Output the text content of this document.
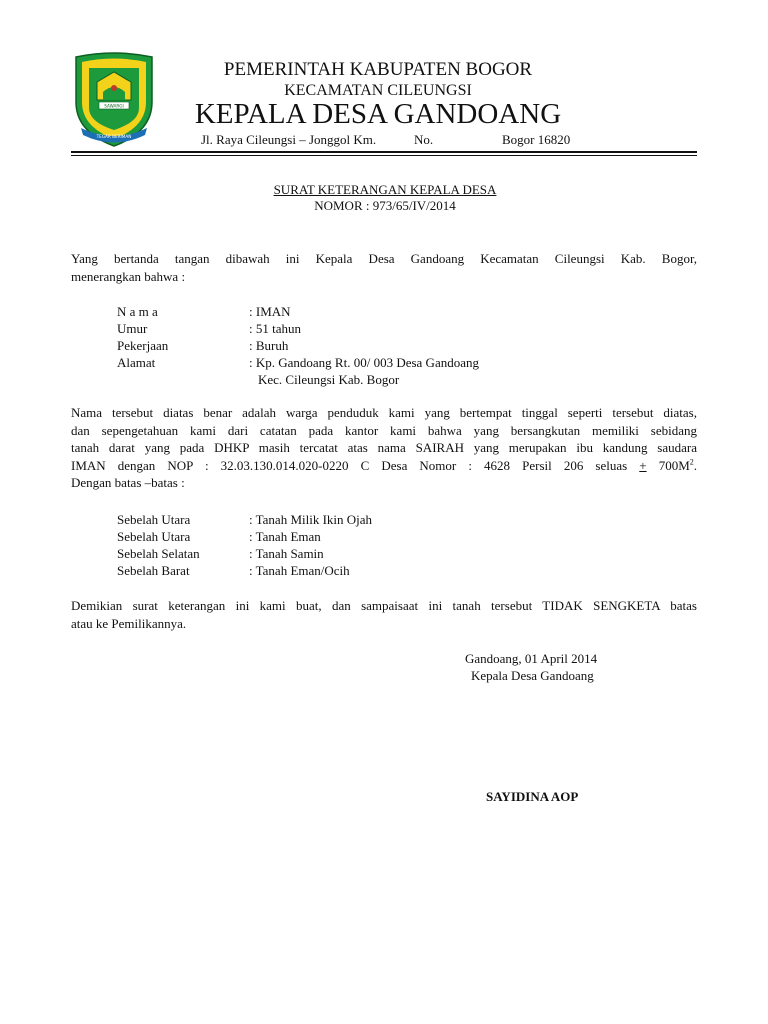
SAWARGI
TEGAR BERIMAN
PEMERINTAH KABUPATEN BOGOR
KECAMATAN CILEUNGSI
KEPALA DESA GANDOANG
Jl. Raya Cileungsi – Jonggol Km.	No.	Bogor 16820
SURAT KETERANGAN KEPALA DESA
NOMOR : 973/65/IV/2014
Yang bertanda tangan dibawah ini Kepala Desa Gandoang Kecamatan Cileungsi Kab. Bogor,
menerangkan bahwa :
N a m a	: IMAN
Umur	: 51 tahun
Pekerjaan	: Buruh
Alamat	: Kp. Gandoang Rt. 00/ 003 Desa Gandoang
Kec. Cileungsi Kab. Bogor
Nama tersebut diatas benar adalah warga penduduk kami yang bertempat tinggal seperti tersebut diatas,
dan sepengetahuan kami dari catatan pada kantor kami bahwa yang bersangkutan memiliki sebidang
tanah darat yang pada DHKP masih tercatat atas nama SAIRAH yang merupakan ibu kandung saudara
IMAN dengan NOP : 32.03.130.014.020-0220 C Desa Nomor : 4628 Persil 206 seluas + $700M^2$.
Dengan batas –batas :
Sebelah Utara	: Tanah Milik Ikin Ojah
Sebelah Utara	: Tanah Eman
Sebelah Selatan	: Tanah Samin
Sebelah Barat	: Tanah Eman/Ocih
Demikian surat keterangan ini kami buat, dan sampaisaat ini tanah tersebut TIDAK SENGKETA batas
atau ke Pemilikannya.
Gandoang, 01 April 2014
Kepala Desa Gandoang
SAYIDINA AOP
